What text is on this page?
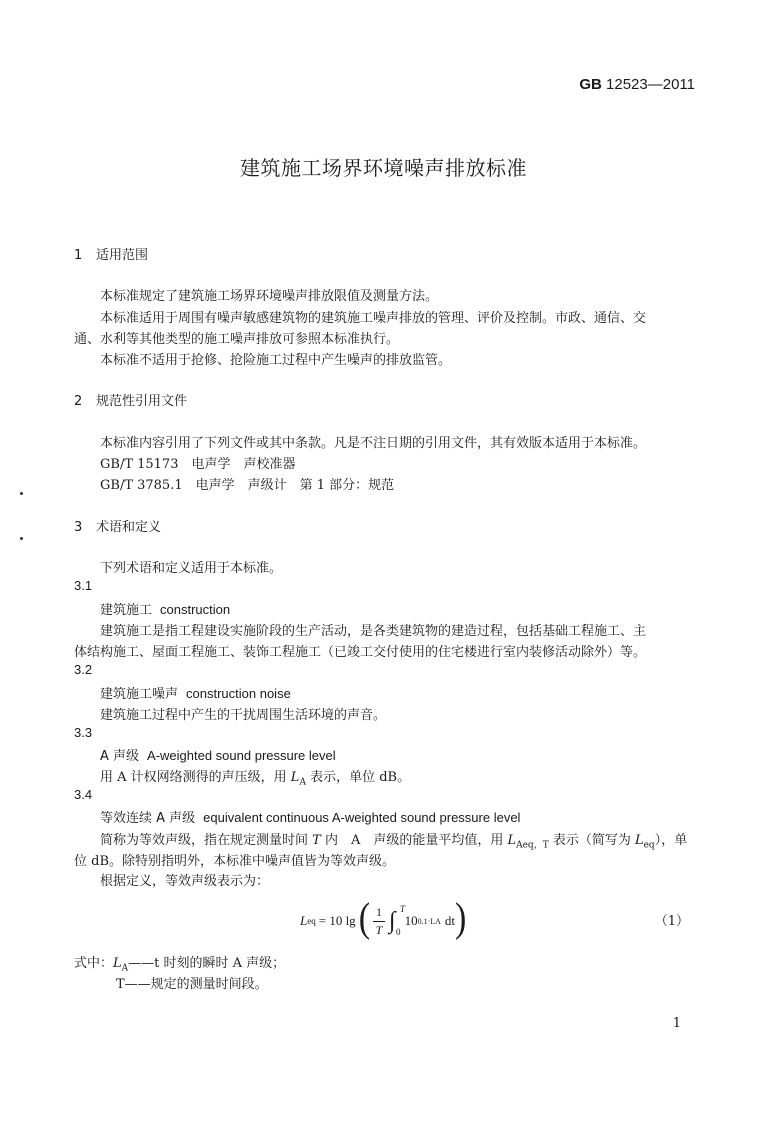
GB 12523—2011
建筑施工场界环境噪声排放标准
1 适用范围
本标准规定了建筑施工场界环境噪声排放限值及测量方法。
本标准适用于周围有噪声敏感建筑物的建筑施工噪声排放的管理、评价及控制。市政、通信、交
通、水利等其他类型的施工噪声排放可参照本标准执行。
本标准不适用于抢修、抢险施工过程中产生噪声的排放监管。
2 规范性引用文件
本标准内容引用了下列文件或其中条款。凡是不注日期的引用文件，其有效版本适用于本标准。
GB/T 15173　电声学　声校准器
GB/T 3785.1　电声学　声级计　第 1 部分：规范
3 术语和定义
下列术语和定义适用于本标准。
3.1
建筑施工 construction
建筑施工是指工程建设实施阶段的生产活动，是各类建筑物的建造过程，包括基础工程施工、主
体结构施工、屋面工程施工、装饰工程施工（已竣工交付使用的住宅楼进行室内装修活动除外）等。
3.2
建筑施工噪声 construction noise
建筑施工过程中产生的干扰周围生活环境的声音。
3.3
A 声级 A-weighted sound pressure level
用 A 计权网络测得的声压级，用 $L_A$ 表示，单位 dB。
3.4
等效连续 A 声级 equivalent continuous A-weighted sound pressure level
简称为等效声级，指在规定测量时间 T 内　A　声级的能量平均值，用 $L_{Aeq,T}$ 表示（简写为 $L_{eq}$），单
位 dB。除特别指明外，本标准中噪声值皆为等效声级。
根据定义，等效声级表示为：
L eq = 10 lg ( $\frac{1}{T}$ ∫ T
0
10 0.1·LA dt )	（1）
式中：$L_A——t$ 时刻的瞬时 A 声级；
T——规定的测量时间段。
1
